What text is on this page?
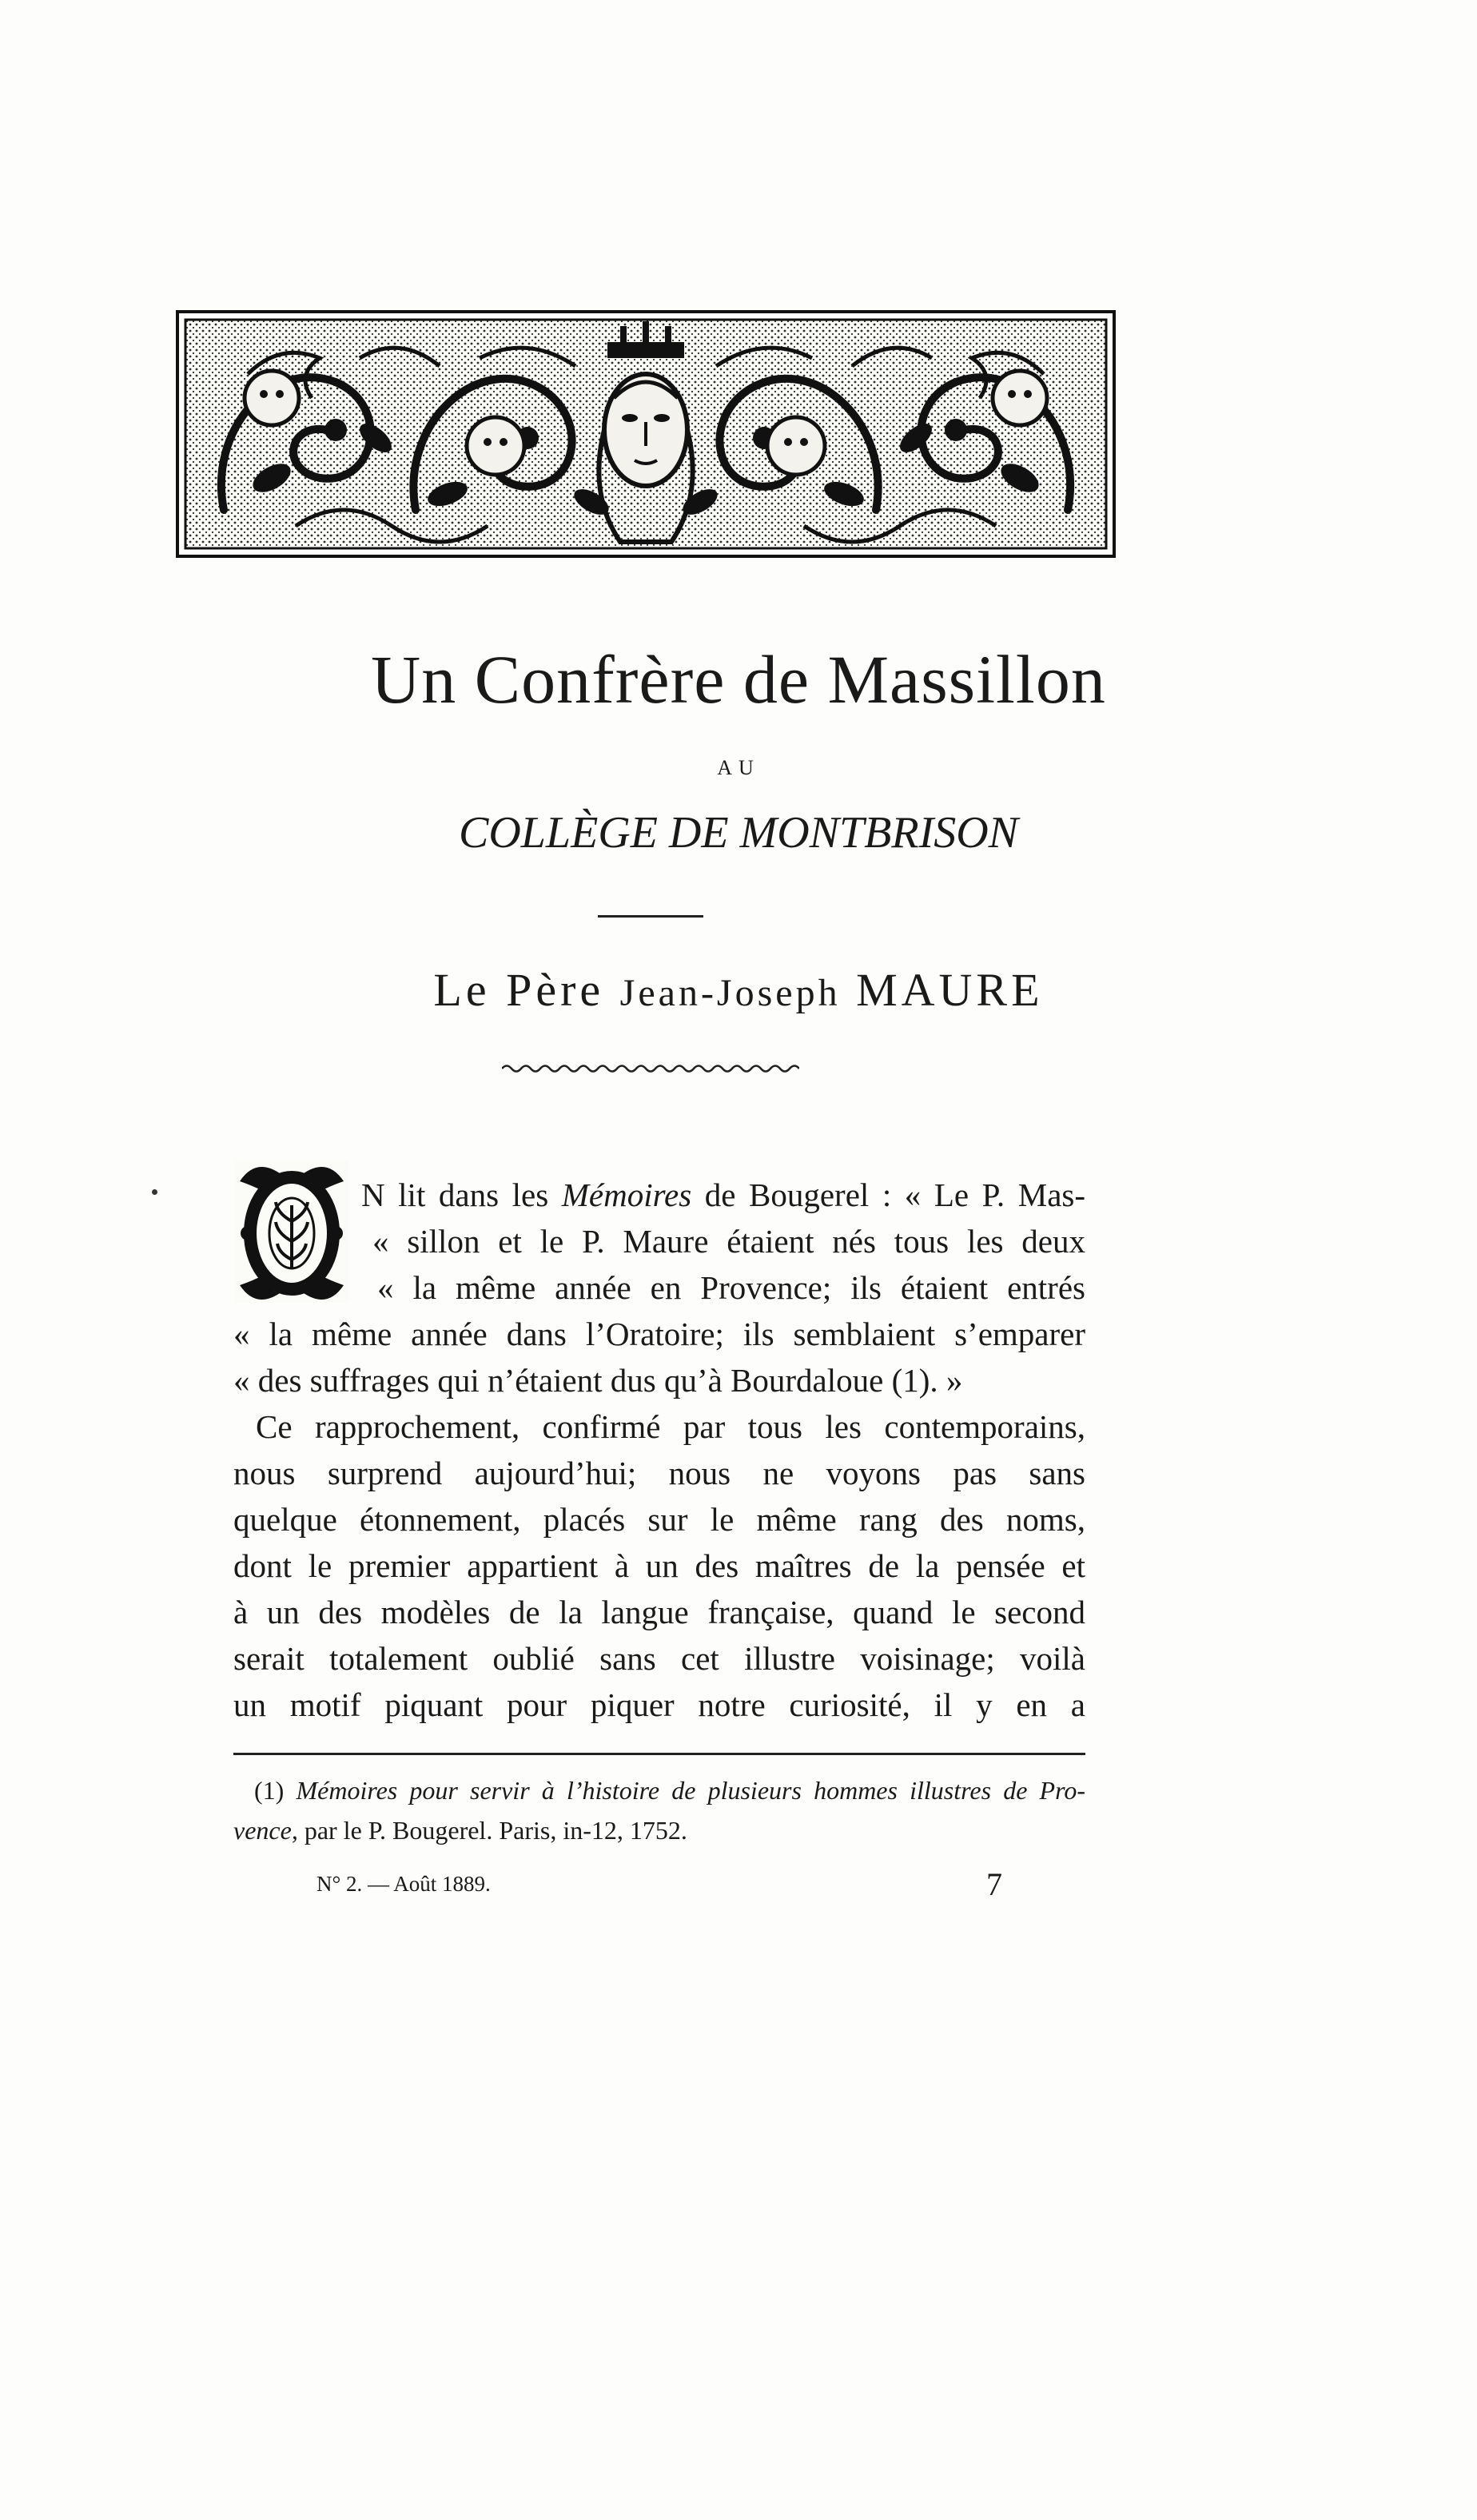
Un Confrère de Massillon
AU
COLLÈGE DE MONTBRISON
Le Père Jean-Joseph MAURE
N lit dans les Mémoires de Bougerel : « Le P. Mas-
« sillon et le P. Maure étaient nés tous les deux
« la même année en Provence; ils étaient entrés
« la même année dans l’Oratoire; ils semblaient s’emparer
« des suffrages qui n’étaient dus qu’à Bourdaloue (1). »
Ce rapprochement, confirmé par tous les contemporains,
nous surprend aujourd’hui; nous ne voyons pas sans
quelque étonnement, placés sur le même rang des noms,
dont le premier appartient à un des maîtres de la pensée et
à un des modèles de la langue française, quand le second
serait totalement oublié sans cet illustre voisinage; voilà
un motif piquant pour piquer notre curiosité, il y en a
(1) Mémoires pour servir à l’histoire de plusieurs hommes illustres de Pro-
vence, par le P. Bougerel. Paris, in-12, 1752.
N° 2. — Août 1889.	7
